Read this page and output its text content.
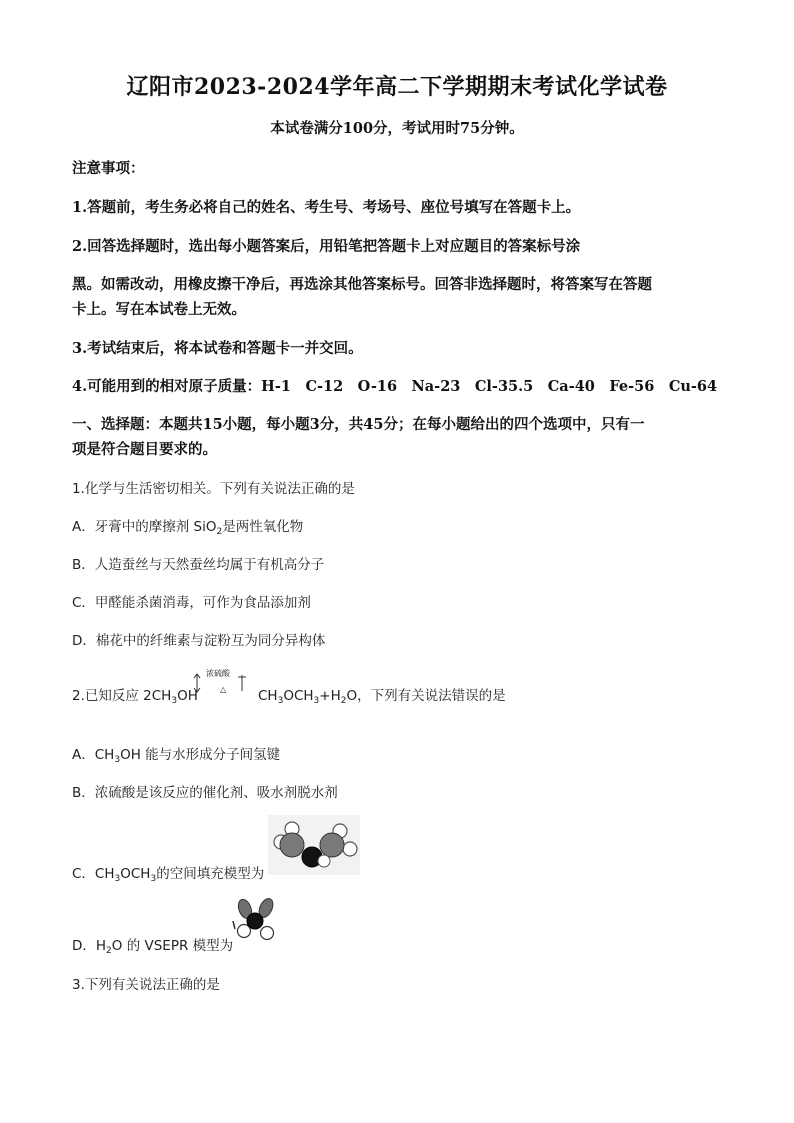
辽阳市2023-2024学年高二下学期期末考试化学试卷
本试卷满分100分，考试用时75分钟。
注意事项：
1.答题前，考生务必将自己的姓名、考生号、考场号、座位号填写在答题卡上。
2.回答选择题时，选出每小题答案后，用铅笔把答题卡上对应题目的答案标号涂
黑。如需改动，用橡皮擦干净后，再选涂其他答案标号。回答非选择题时，将答案写在答题
卡上。写在本试卷上无效。
3.考试结束后，将本试卷和答题卡一并交回。
4.可能用到的相对原子质量：H-1　C-12　O-16　Na-23　Cl-35.5　Ca-40　Fe-56　Cu-64
一、选择题：本题共15小题，每小题3分，共45分；在每小题给出的四个选项中，只有一
项是符合题目要求的。
1.化学与生活密切相关。下列有关说法正确的是
A．牙膏中的摩擦剂 SiO$_2$是两性氧化物
B．人造蚕丝与天然蚕丝均属于有机高分子
C．甲醛能杀菌消毒，可作为食品添加剂
D．棉花中的纤维素与淀粉互为同分异构体
2.已知反应 $2CH_3OH$
浓硫酸
△ $CH_3OCH_3+H_2O$，下列有关说法错误的是
A．$CH_3OH$ 能与水形成分子间氢键
B．浓硫酸是该反应的催化剂、吸水剂脱水剂
C．$CH_3OCH_3$的空间填充模型为
D．$H_2O$ 的 VSEPR 模型为
3.下列有关说法正确的是
